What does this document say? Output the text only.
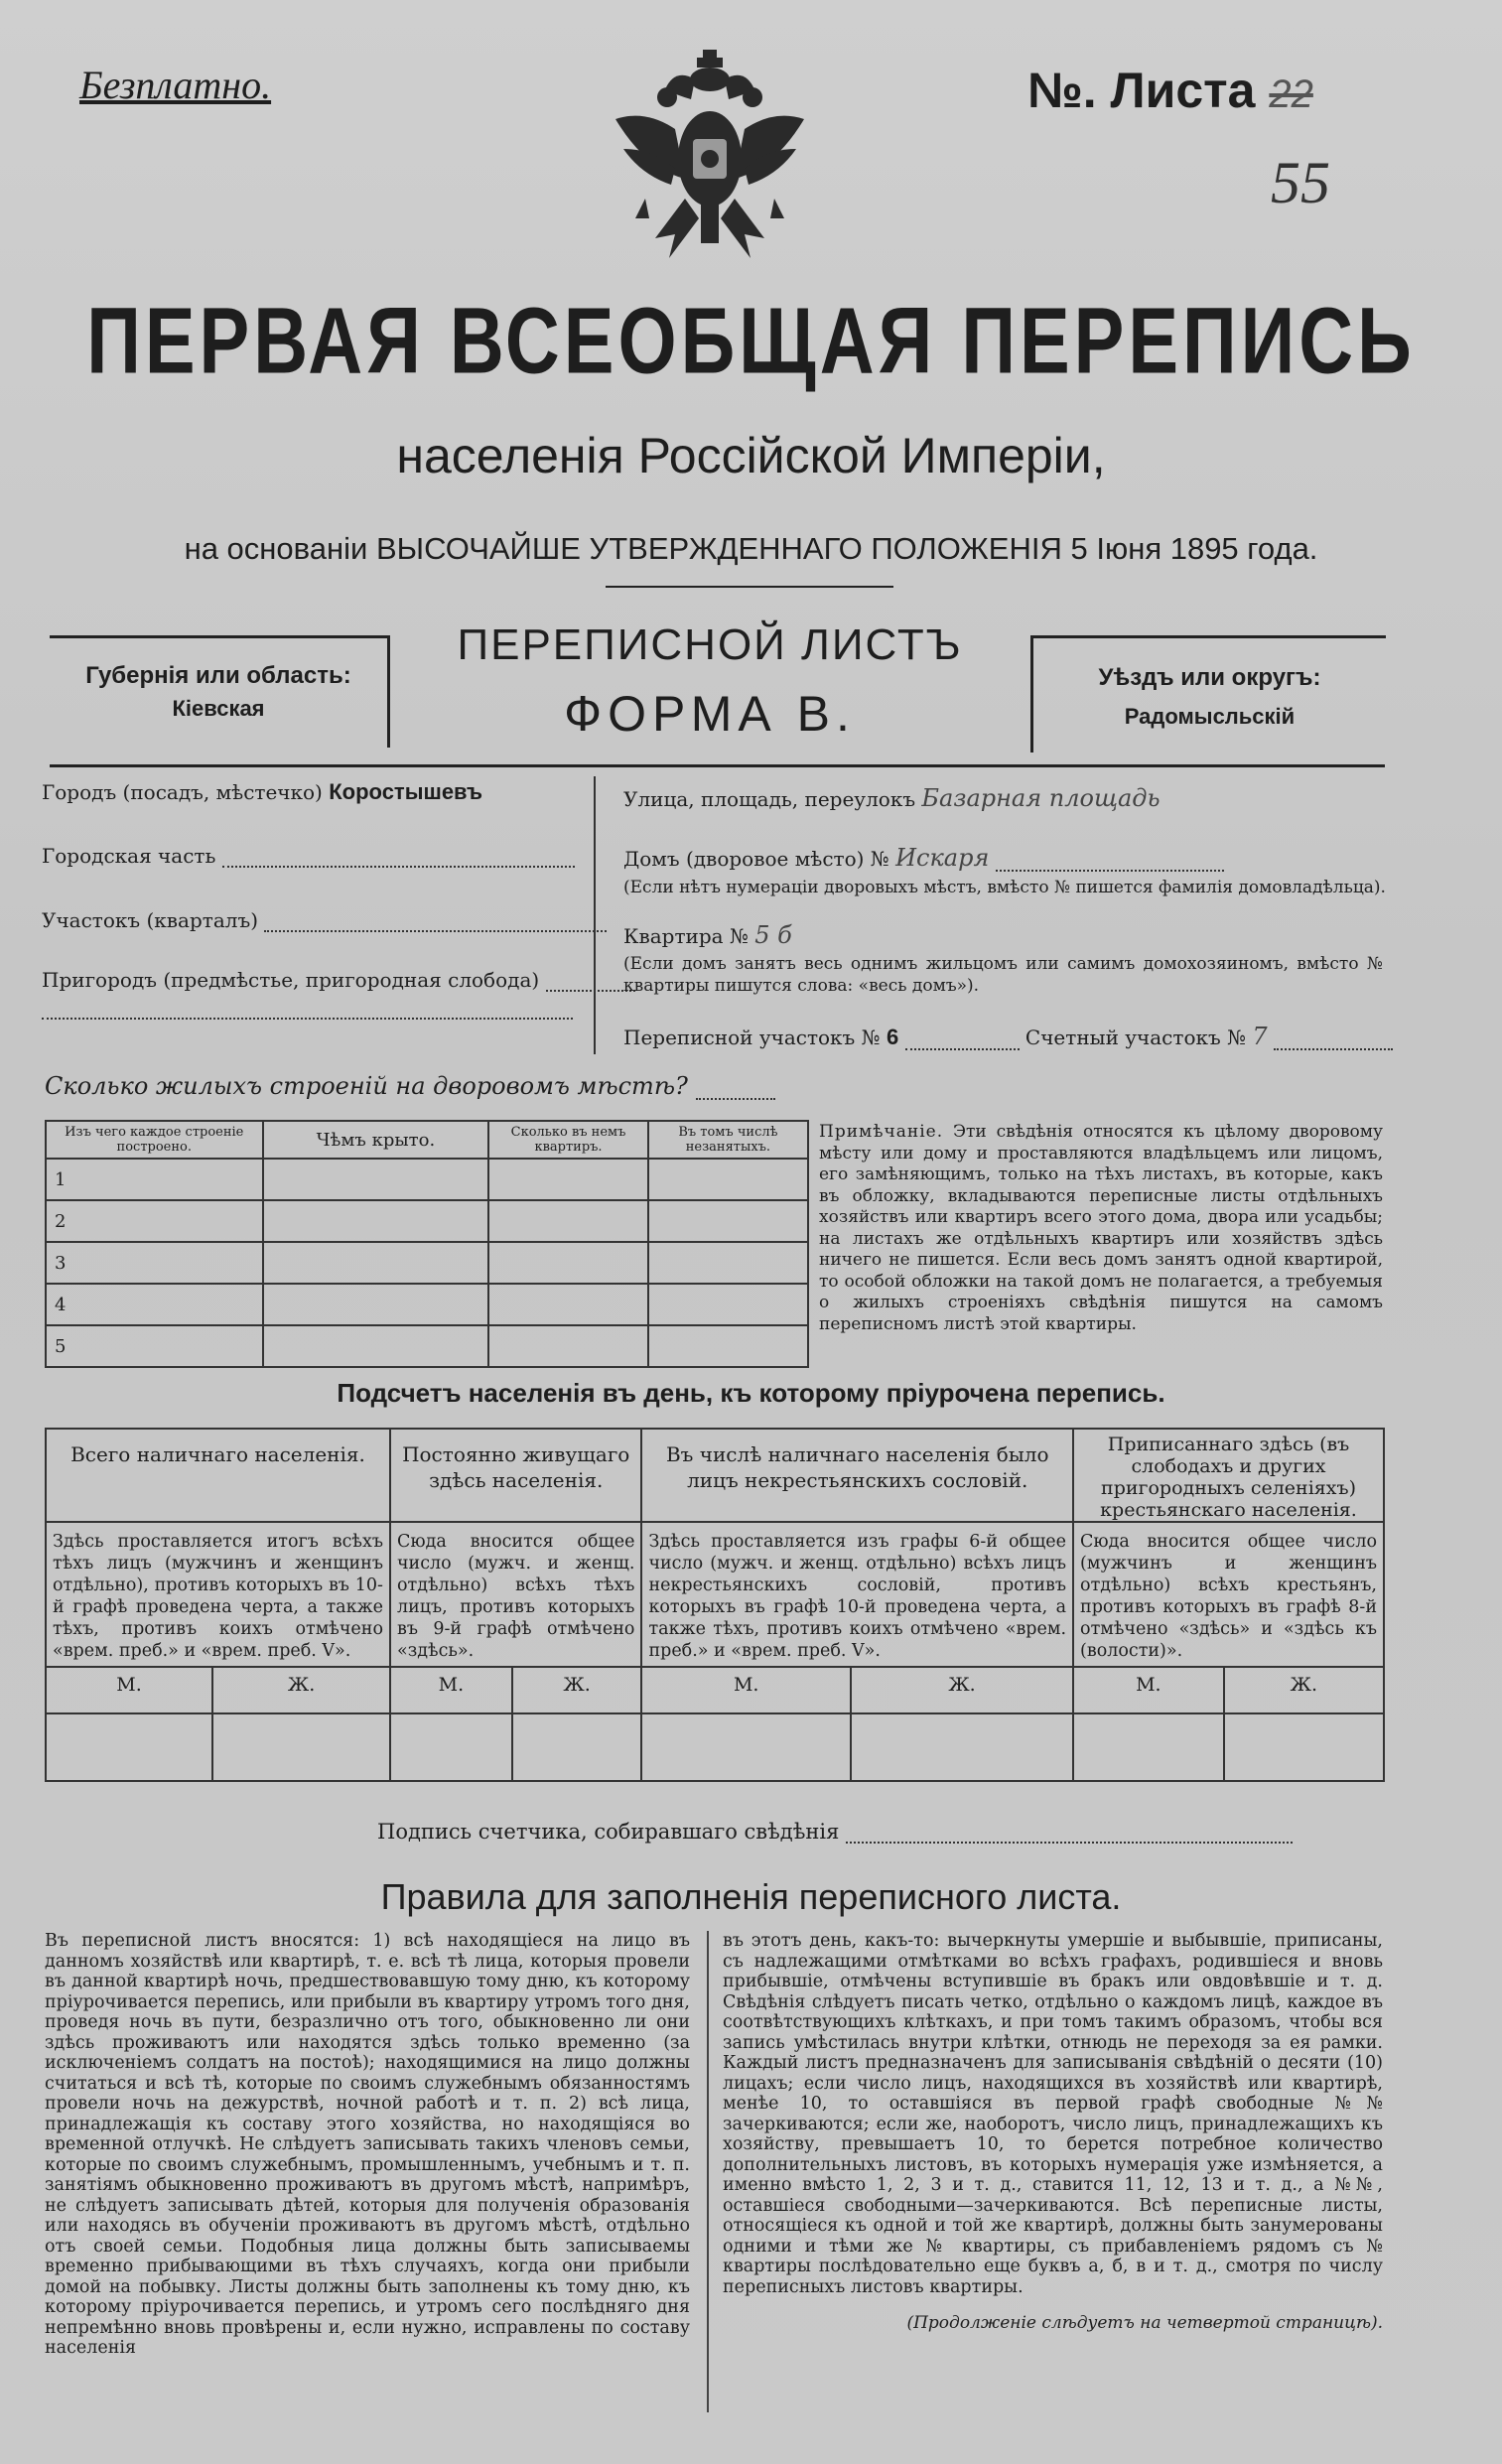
Безплатно.	№. Листа 22
55
ПЕРВАЯ ВСЕОБЩАЯ ПЕРЕПИСЬ
населенія Россійской Имперіи,
на основаніи ВЫСОЧАЙШЕ УТВЕРЖДЕННАГО ПОЛОЖЕНІЯ 5 Іюня 1895 года.
Губернія или область:
Кіевская
ПЕРЕПИСНОЙ ЛИСТЪ
ФОРМА В.
Уѣздъ или округъ:
Радомысльскій
Городъ (посадъ, мѣстечко) Коростышевъ
Городская часть
Участокъ (кварталъ)
Пригородъ (предмѣстье, пригородная слобода)
Улица, площадь, переулокъ Базарная площадь
Домъ (дворовое мѣсто) № Искаря
(Если нѣтъ нумераціи дворовыхъ мѣстъ, вмѣсто № пишется фамилія домовладѣльца).
Квартира № 5 б
(Если домъ занятъ весь однимъ жильцомъ или самимъ домохозяиномъ, вмѣсто № квартиры пишутся слова: «весь домъ»).
Переписной участокъ № 6	Счетный участокъ № 7
Сколько жилыхъ строеній на дворовомъ мѣстѣ?
Изъ чего каждое строеніе построено.	Чѣмъ крыто.	Сколько въ немъ квартиръ.	Въ томъ числѣ незанятыхъ.
1			
2			
3			
4			
5			
Примѣчаніе. Эти свѣдѣнія относятся къ цѣлому дворовому мѣсту или дому и проставляются владѣльцемъ или лицомъ, его замѣняющимъ, только на тѣхъ листахъ, въ которые, какъ въ обложку, вкладываются переписные листы отдѣльныхъ хозяйствъ или квартиръ всего этого дома, двора или усадьбы; на листахъ же отдѣльныхъ квартиръ или хозяйствъ здѣсь ничего не пишется. Если весь домъ занятъ одной квартирой, то особой обложки на такой домъ не полагается, а требуемыя о жилыхъ строеніяхъ свѣдѣнія пишутся на самомъ переписномъ листѣ этой квартиры.
Подсчетъ населенія въ день, къ которому пріурочена перепись.
Всего наличнаго населенія.		Постоянно живущаго здѣсь населенія.		Въ числѣ наличнаго населенія было лицъ некрестьянскихъ сословій.		Приписаннаго здѣсь (въ слободахъ и других пригородныхъ селеніяхъ) крестьянскаго населенія.	
Здѣсь проставляется итогъ всѣхъ тѣхъ лицъ (мужчинъ и женщинъ отдѣльно), противъ которыхъ въ 10-й графѣ проведена черта, а также тѣхъ, противъ коихъ отмѣчено «врем. преб.» и «врем. преб. V».		Сюда вносится общее число (мужч. и женщ. отдѣльно) всѣхъ тѣхъ лицъ, противъ которыхъ въ 9-й графѣ отмѣчено «здѣсь».		Здѣсь проставляется изъ графы 6-й общее число (мужч. и женщ. отдѣльно) всѣхъ лицъ некрестьянскихъ сословій, противъ которыхъ въ графѣ 10-й проведена черта, а также тѣхъ, противъ коихъ отмѣчено «врем. преб.» и «врем. преб. V».		Сюда вносится общее число (мужчинъ и женщинъ отдѣльно) всѣхъ крестьянъ, противъ которыхъ въ графѣ 8-й отмѣчено «здѣсь» и «здѣсь къ (волости)».	
М.	Ж.	М.	Ж.	М.	Ж.	М.	Ж.

Подпись счетчика, собиравшаго свѣдѣнія
Правила для заполненія переписного листа.
Въ переписной листъ вносятся: 1) всѣ находящіеся на лицо въ данномъ хозяйствѣ или квартирѣ, т. е. всѣ тѣ лица, которыя провели въ данной квартирѣ ночь, предшествовавшую тому дню, къ которому пріурочивается перепись, или прибыли въ квартиру утромъ того дня, проведя ночь въ пути, безразлично отъ того, обыкновенно ли они здѣсь проживаютъ или находятся здѣсь только временно (за исключеніемъ солдатъ на постоѣ); находящимися на лицо должны считаться и всѣ тѣ, которые по своимъ служебнымъ обязанностямъ провели ночь на дежурствѣ, ночной работѣ и т. п. 2) всѣ лица, принадлежащія къ составу этого хозяйства, но находящіяся во временной отлучкѣ. Не слѣдуетъ записывать такихъ членовъ семьи, которые по своимъ служебнымъ, промышленнымъ, учебнымъ и т. п. занятіямъ обыкновенно проживаютъ въ другомъ мѣстѣ, напримѣръ, не слѣдуетъ записывать дѣтей, которыя для полученія образованія или находясь въ обученіи проживаютъ въ другомъ мѣстѣ, отдѣльно отъ своей семьи. Подобныя лица должны быть записываемы временно прибывающими въ тѣхъ случаяхъ, когда они прибыли домой на побывку. Листы должны быть заполнены къ тому дню, къ которому пріурочивается перепись, и утромъ сего послѣдняго дня непремѣнно вновь провѣрены и, если нужно, исправлены по составу населенія
въ этотъ день, какъ-то: вычеркнуты умершіе и выбывшіе, приписаны, съ надлежащими отмѣтками во всѣхъ графахъ, родившіеся и вновь прибывшіе, отмѣчены вступившіе въ бракъ или овдовѣвшіе и т. д. Свѣдѣнія слѣдуетъ писать четко, отдѣльно о каждомъ лицѣ, каждое въ соотвѣтствующихъ клѣткахъ, и при томъ такимъ образомъ, чтобы вся запись умѣстилась внутри клѣтки, отнюдь не переходя за ея рамки. Каждый листъ предназначенъ для записыванія свѣдѣній о десяти (10) лицахъ; если число лицъ, находящихся въ хозяйствѣ или квартирѣ, менѣе 10, то оставшіяся въ первой графѣ свободные №№ зачеркиваются; если же, наоборотъ, число лицъ, принадлежащихъ къ хозяйству, превышаетъ 10, то берется потребное количество дополнительныхъ листовъ, въ которыхъ нумерація уже измѣняется, а именно вмѣсто 1, 2, 3 и т. д., ставится 11, 12, 13 и т. д., а №№, оставшіеся свободными—зачеркиваются. Всѣ переписные листы, относящіеся къ одной и той же квартирѣ, должны быть занумерованы одними и тѣми же № квартиры, съ прибавленіемъ рядомъ съ № квартиры послѣдовательно еще буквъ а, б, в и т. д., смотря по числу переписныхъ листовъ квартиры.
(Продолженіе слѣдуетъ на четвертой страницѣ).
